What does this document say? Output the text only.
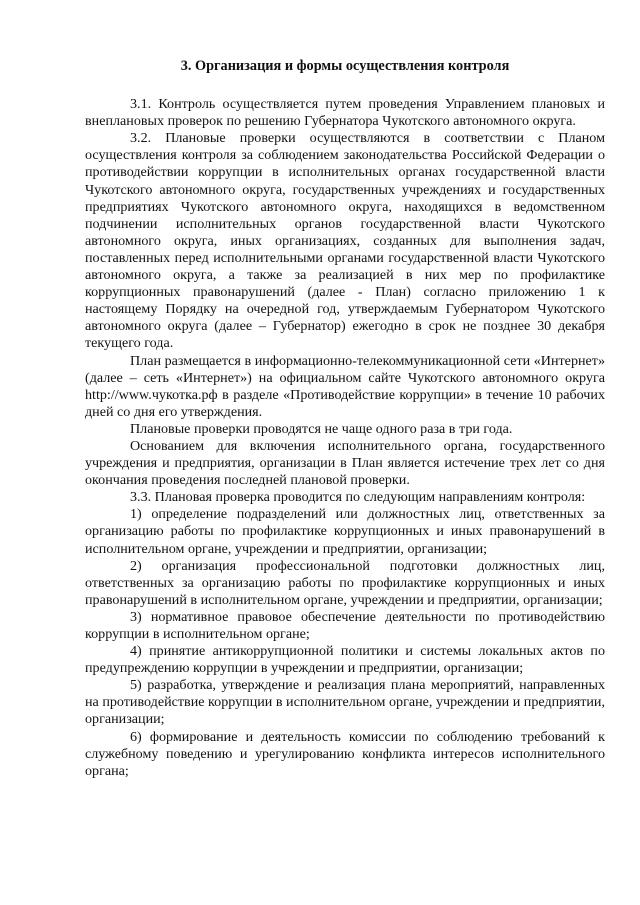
3. Организация и формы осуществления контроля

3.1. Контроль осуществляется путем проведения Управлением плановых и внеплановых проверок по решению Губернатора Чукотского автономного округа.

3.2. Плановые проверки осуществляются в соответствии с Планом осуществления контроля за соблюдением законодательства Российской Федерации о противодействии коррупции в исполнительных органах государственной власти Чукотского автономного округа, государственных учреждениях и государственных предприятиях Чукотского автономного округа, находящихся в ведомственном подчинении исполнительных органов государственной власти Чукотского автономного округа, иных организациях, созданных для выполнения задач, поставленных перед исполнительными органами государственной власти Чукотского автономного округа, а также за реализацией в них мер по профилактике коррупционных правонарушений (далее - План) согласно приложению 1 к настоящему Порядку на очередной год, утверждаемым Губернатором Чукотского автономного округа (далее – Губернатор) ежегодно в срок не позднее 30 декабря текущего года.

План размещается в информационно-телекоммуникационной сети «Интернет» (далее – сеть «Интернет») на официальном сайте Чукотского автономного округа http://www.чукотка.рф в разделе «Противодействие коррупции» в течение 10 рабочих дней со дня его утверждения.

Плановые проверки проводятся не чаще одного раза в три года.

Основанием для включения исполнительного органа, государственного учреждения и предприятия, организации в План является истечение трех лет со дня окончания проведения последней плановой проверки.

3.3. Плановая проверка проводится по следующим направлениям контроля:

1) определение подразделений или должностных лиц, ответственных за организацию работы по профилактике коррупционных и иных правонарушений в исполнительном органе, учреждении и предприятии, организации;

2) организация профессиональной подготовки должностных лиц, ответственных за организацию работы по профилактике коррупционных и иных правонарушений в исполнительном органе, учреждении и предприятии, организации;

3) нормативное правовое обеспечение деятельности по противодействию коррупции в исполнительном органе;

4) принятие антикоррупционной политики и системы локальных актов по предупреждению коррупции в учреждении и предприятии, организации;

5) разработка, утверждение и реализация плана мероприятий, направленных на противодействие коррупции в исполнительном органе, учреждении и предприятии, организации;

6) формирование и деятельность комиссии по соблюдению требований к служебному поведению и урегулированию конфликта интересов исполнительного органа;
